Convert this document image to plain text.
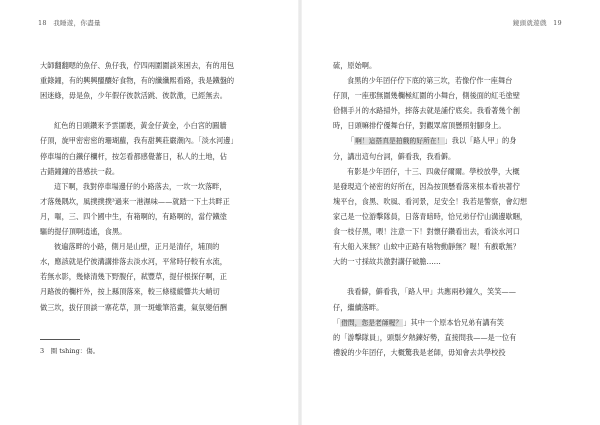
18 我睡遊，你盡量
大師翻翻嗯的魚仔、魚仔我，佇四兩圍圍談來困去，有的用包
重錄鐘，有的興興醞釀好食物，有的纖纖熙看路，我是鐵盤的
困迷綠，毋是魚，少年假仔彼款活跳、彼款激，已經無去。
紅色的日頭鑽來予雲圍裹，黃金仔黃金，小白宮的圓牆
仔頂，旋甲密密密的珊瑚蘿，我有甜興莊嚴潮內。「淡水河邊」
停車場的白鐵仔欄杆，按怎看都感覺蕃日，私人的土地，佔
古錯鐘鐘的普感扶一殺。
這下啊，我對停車場邊仔的小路落去，一坎一坎落畔，
才落幾隅坎，風撲撲撲³過來一港濕味——就踏一下土共畔正
月，嘔，三、四个國中生，有箱啊的，有路啊的，當佇鐵塗
驅的提仔頂啊逍遙，食黑。
彼遍落畔的小路，側月是山壁，正月是清仔，埔頂的
水，應該就是佇彼溝講排落去淡水河，平常時仔較有水流，
若無水影，幾條清幾下野腹仔，弒豐草，提仔根探仔啊，正
月路彼的欄杆外，按上縣頂落來，較三條樣縱響共大峭切
做三坎，拔仔頂談一寨花草，頂一斑蠟筆箔畫，氣氛變佰酬
3　圈 tshing：傷。
鏡頭就遊戲 19
硫，原始啊。
食黑的少年囝仔佇下底的第三坎，若像佇作一座舞台
仔頂，一座那無圍幾欄極紅圍的小舞台，側後面的紅毛塗壁
佮側手爿的水路掃外，摔落去就是誧佇底矣。我看著幾个創
時，日頭嘛排佇優舞台仔，對觀眾席頂懸照射腳身上。
「啊！這搭真是拍戲的好所在！」我以「路人甲」的身
分，講出這句台詞，僻看我，我看僻。
有影是少年囝仔，十三、四歲仔爾爾。學校放學，大概
是發現這个祕密的好所在，因為按頂懸看落來根本看袂著佇
塊平台，食黑、吹風、看河景，足安全！我若是警察，會幻想
家己是一位游擊隊員，日落青暗時，恰兄弟仔佇山溝邊歇睏，
食一枝仔黑，喂！注意一下！對懷仔鑽看出去，看淡水河口
有大船入來無？山蚊中正路有啥物動靜無？喔！有戲歌無？
大的一寸採故共激對講仔破膽……
我看僻，僻看我，「路人甲」共應兩秒鐘久，笑笑——
仔，繼續落畔。
「借問，您是老師喔？」其中一个原本恰兄弟有講有笑
的「游擊隊員」，頭鬃夕熱鍊好勢，直接問我——是一位有
禮貌的少年囝仔，大概驚我是老師，毋知會去共學校投
